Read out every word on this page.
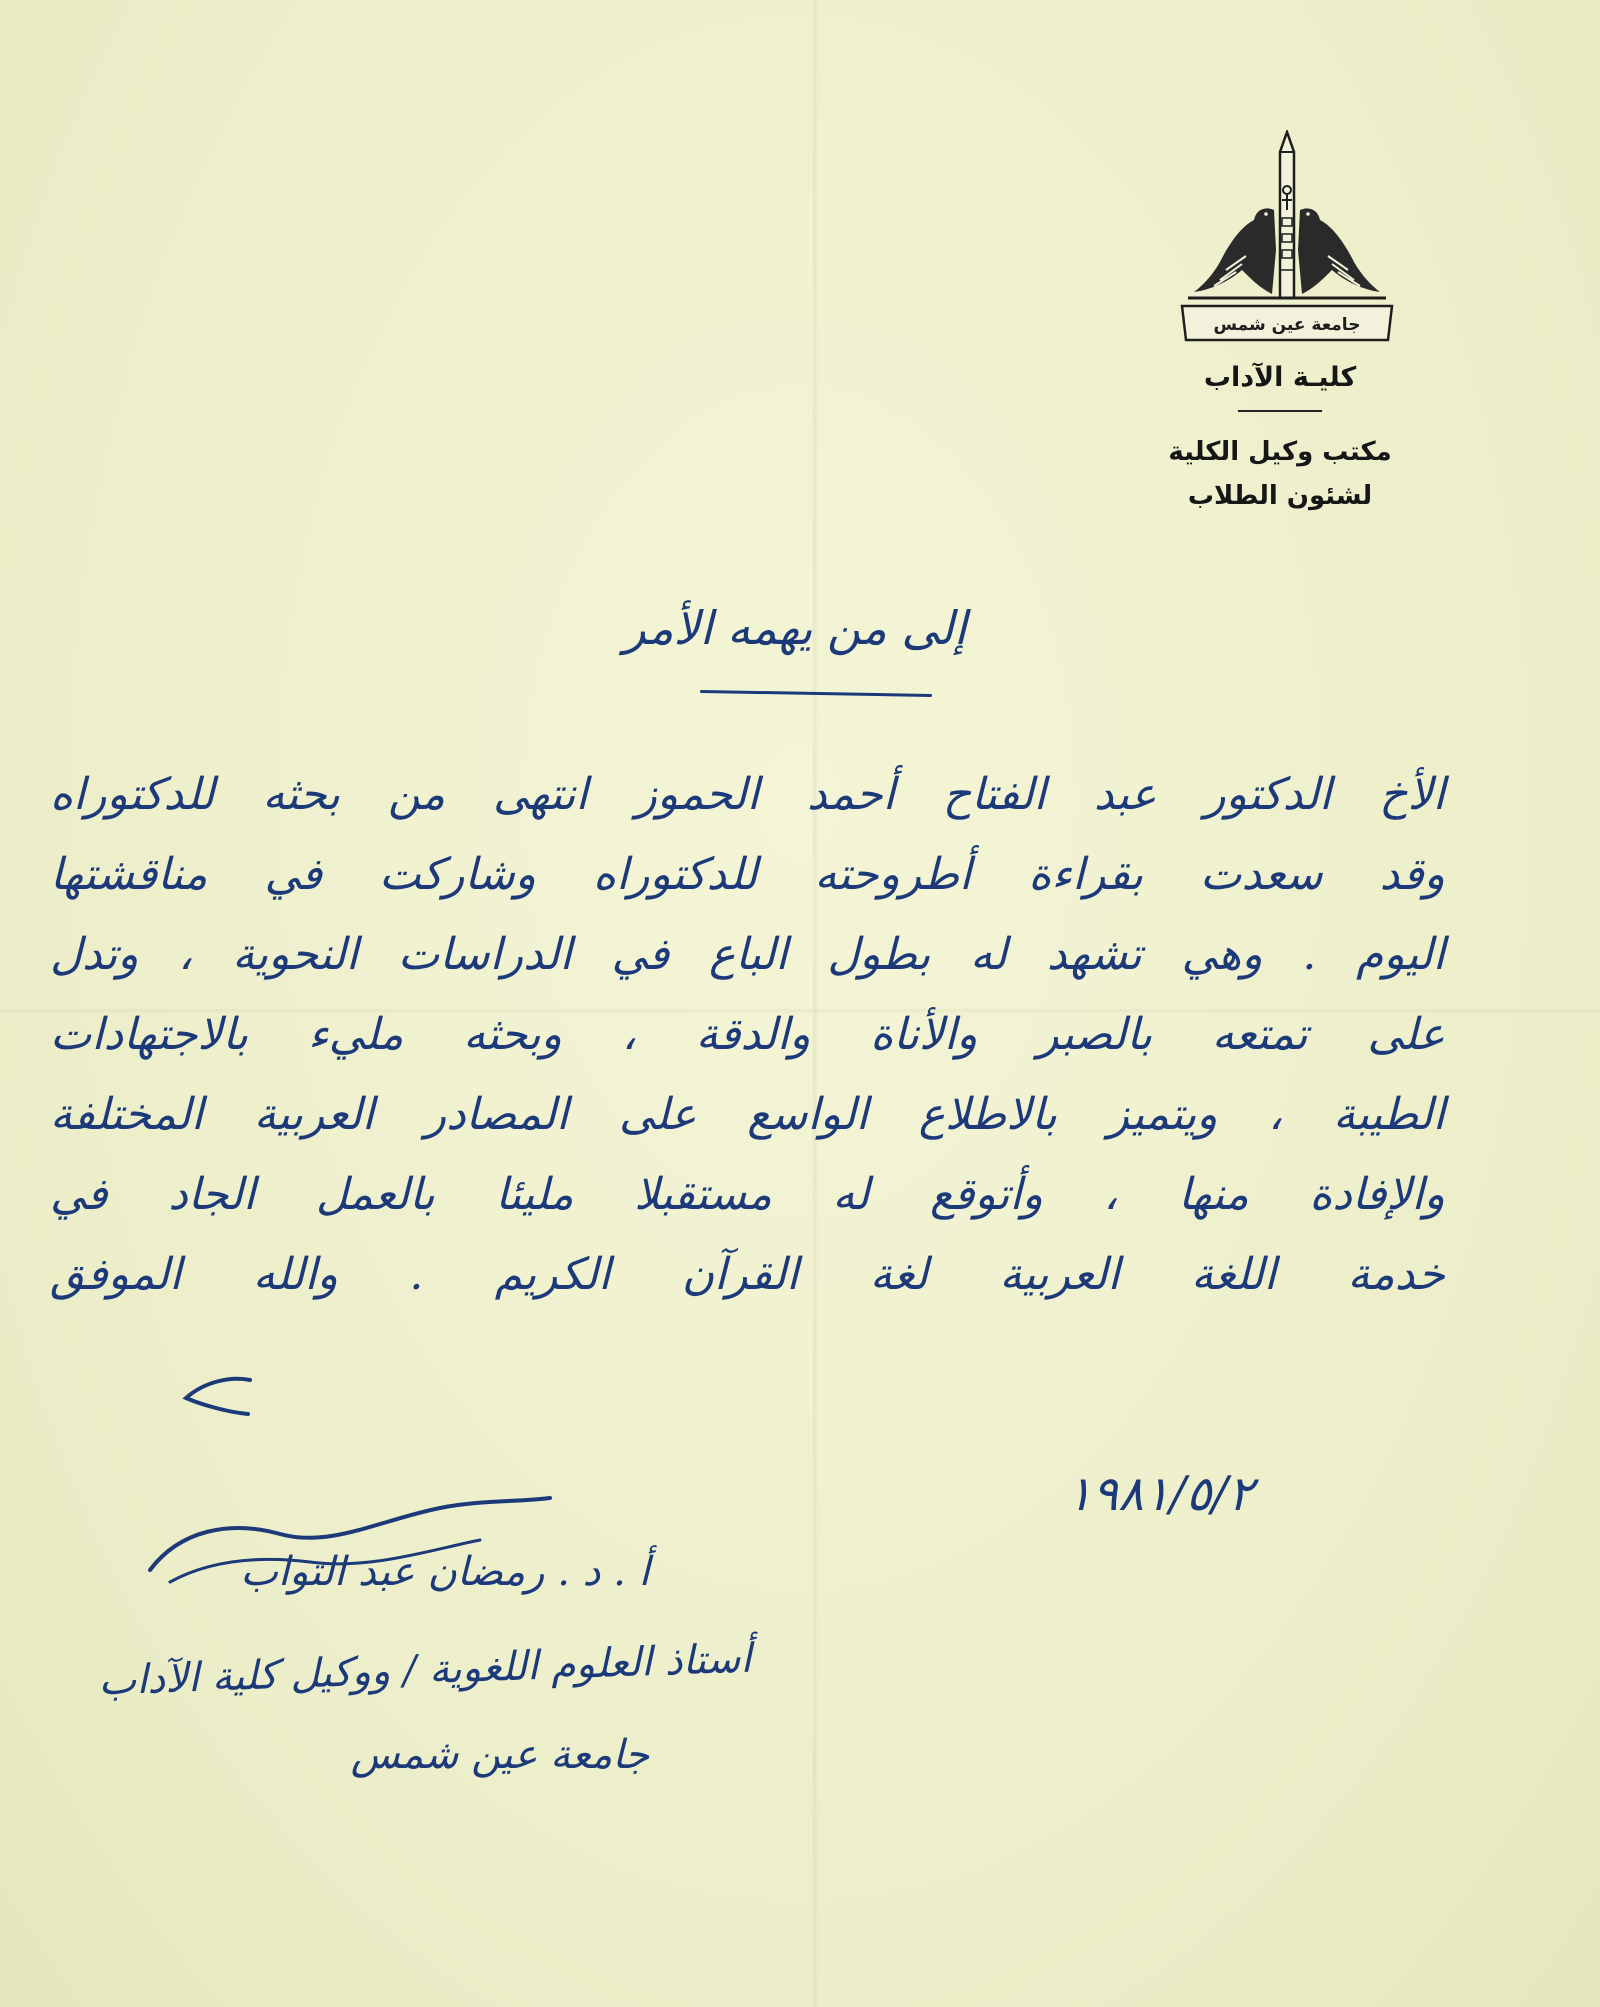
جامعة عين شمس
كليـة الآداب
مكتب وكيل الكلية
لشئون الطلاب
إلى من يهمه الأمر
الأخ الدكتور عبد الفتاح أحمد الحموز انتهى من بحثه للدكتوراه
وقد سعدت بقراءة أطروحته للدكتوراه وشاركت في مناقشتها
اليوم . وهي تشهد له بطول الباع في الدراسات النحوية ، وتدل
على تمتعه بالصبر والأناة والدقة ، وبحثه مليء بالاجتهادات
الطيبة ، ويتميز بالاطلاع الواسع على المصادر العربية المختلفة
والإفادة منها ، وأتوقع له مستقبلا مليئا بالعمل الجاد في
خدمة اللغة العربية لغة القرآن الكريم . والله الموفق
١٩٨١/٥/٢
أ . د . رمضان عبد التواب
أستاذ العلوم اللغوية / ووكيل كلية الآداب
جامعة عين شمس
